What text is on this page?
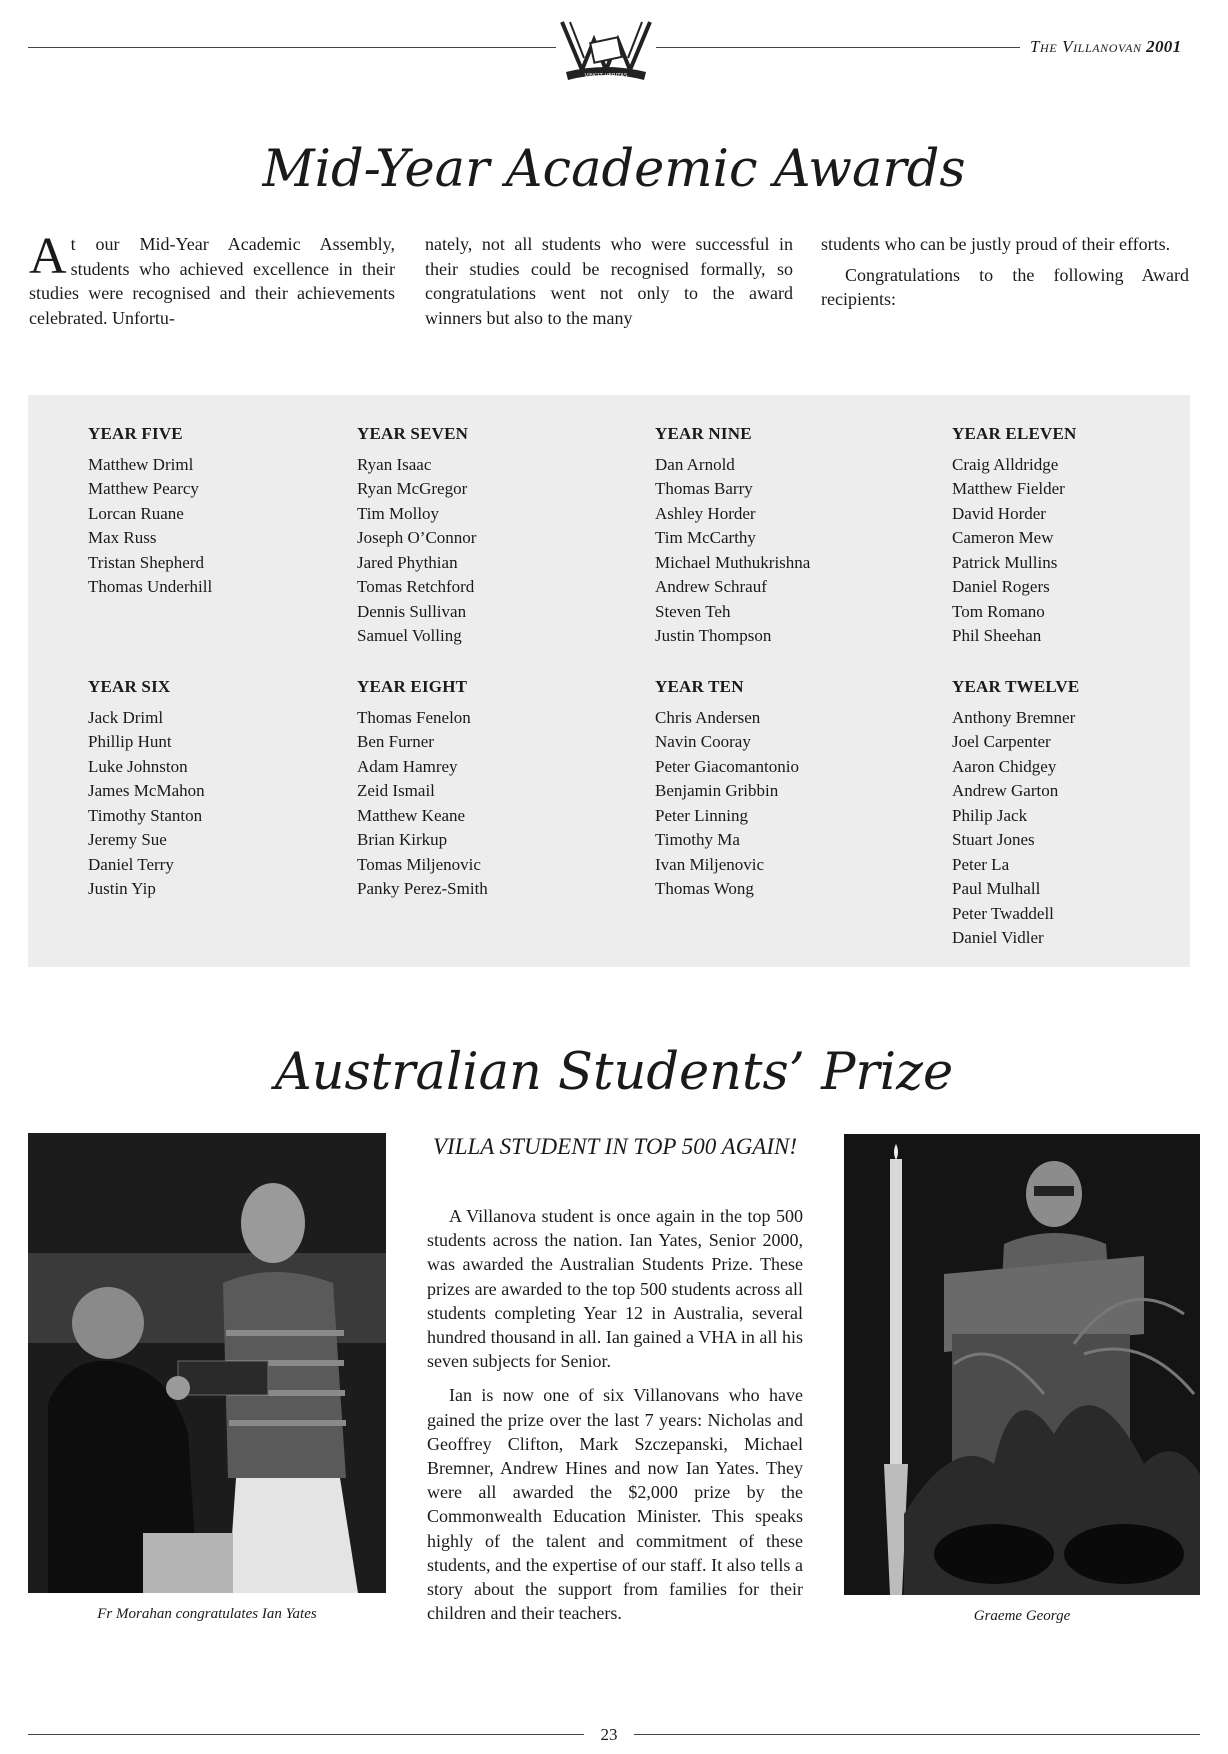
VINCIT VERITAS
The Villanovan 2001
Mid-Year Academic Awards

At our Mid-Year Academic Assembly, students who achieved excellence in their studies were recognised and their achievements celebrated. Unfortu-

nately, not all students who were successful in their studies could be recognised formally, so congratulations went not only to the award winners but also to the many

students who can be justly proud of their efforts.

Congratulations to the following Award recipients:

YEAR FIVE
Matthew Driml
Matthew Pearcy
Lorcan Ruane
Max Russ
Tristan Shepherd
Thomas Underhill
YEAR SEVEN
Ryan Isaac
Ryan McGregor
Tim Molloy
Joseph O’Connor
Jared Phythian
Tomas Retchford
Dennis Sullivan
Samuel Volling
YEAR NINE
Dan Arnold
Thomas Barry
Ashley Horder
Tim McCarthy
Michael Muthukrishna
Andrew Schrauf
Steven Teh
Justin Thompson
YEAR ELEVEN
Craig Alldridge
Matthew Fielder
David Horder
Cameron Mew
Patrick Mullins
Daniel Rogers
Tom Romano
Phil Sheehan
YEAR SIX
Jack Driml
Phillip Hunt
Luke Johnston
James McMahon
Timothy Stanton
Jeremy Sue
Daniel Terry
Justin Yip
YEAR EIGHT
Thomas Fenelon
Ben Furner
Adam Hamrey
Zeid Ismail
Matthew Keane
Brian Kirkup
Tomas Miljenovic
Panky Perez-Smith
YEAR TEN
Chris Andersen
Navin Cooray
Peter Giacomantonio
Benjamin Gribbin
Peter Linning
Timothy Ma
Ivan Miljenovic
Thomas Wong
YEAR TWELVE
Anthony Bremner
Joel Carpenter
Aaron Chidgey
Andrew Garton
Philip Jack
Stuart Jones
Peter La
Paul Mulhall
Peter Twaddell
Daniel Vidler
Australian Students’ Prize
Fr Morahan congratulates Ian Yates
VILLA STUDENT IN TOP 500 AGAIN!

A Villanova student is once again in the top 500 students across the nation. Ian Yates, Senior 2000, was awarded the Australian Students Prize. These prizes are awarded to the top 500 students across all students completing Year 12 in Australia, several hundred thousand in all. Ian gained a VHA in all his seven subjects for Senior.

Ian is now one of six Villanovans who have gained the prize over the last 7 years: Nicholas and Geoffrey Clifton, Mark Szczepanski, Michael Bremner, Andrew Hines and now Ian Yates. They were all awarded the $2,000 prize by the Commonwealth Education Minister. This speaks highly of the talent and commitment of these students, and the expertise of our staff. It also tells a story about the support from families for their children and their teachers.	Graeme George
23
